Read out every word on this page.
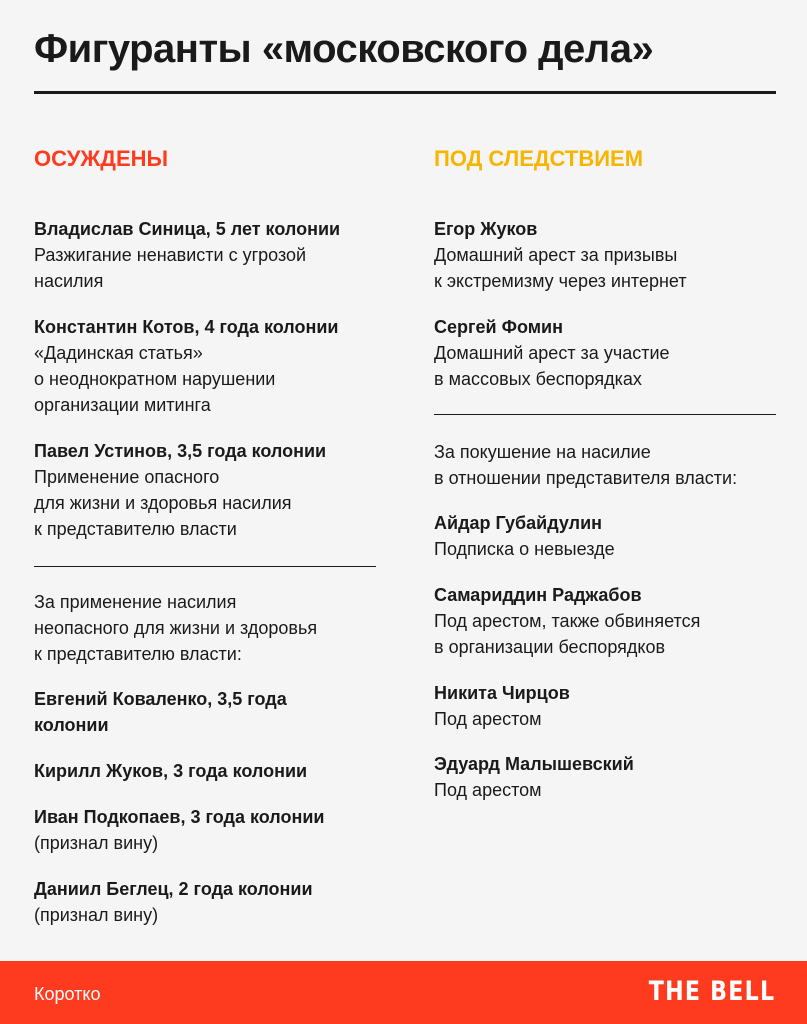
Фигуранты «московского дела»
ОСУЖДЕНЫ
Владислав Синица, 5 лет колонии
Разжигание ненависти с угрозой
насилия
Константин Котов, 4 года колонии
«Дадинская статья»
о неоднократном нарушении
организации митинга
Павел Устинов, 3,5 года колонии
Применение опасного
для жизни и здоровья насилия
к представителю власти
За применение насилия
неопасного для жизни и здоровья
к представителю власти:
Евгений Коваленко, 3,5 года
колонии
Кирилл Жуков, 3 года колонии
Иван Подкопаев, 3 года колонии
(признал вину)
Даниил Беглец, 2 года колонии
(признал вину)
ПОД СЛЕДСТВИЕМ
Егор Жуков
Домашний арест за призывы
к экстремизму через интернет
Сергей Фомин
Домашний арест за участие
в массовых беспорядках
За покушение на насилие
в отношении представителя власти:
Айдар Губайдулин
Подписка о невыезде
Самариддин Раджабов
Под арестом, также обвиняется
в организации беспорядков
Никита Чирцов
Под арестом
Эдуард Малышевский
Под арестом
Коротко	THE BELL
